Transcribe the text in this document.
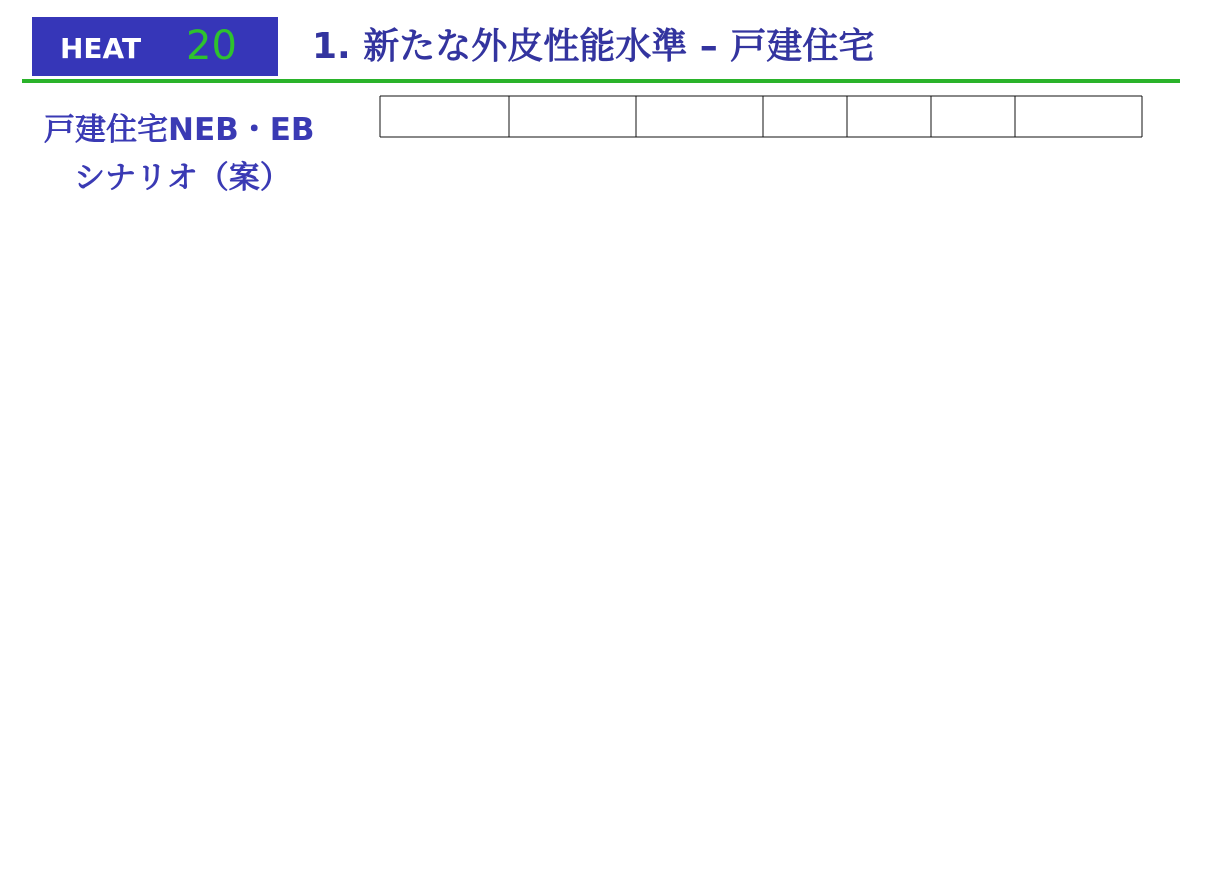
HEAT	20	1. 新たな外皮性能水準 – 戸建住宅
戸建住宅NEB・EB
シナリオ（案）
